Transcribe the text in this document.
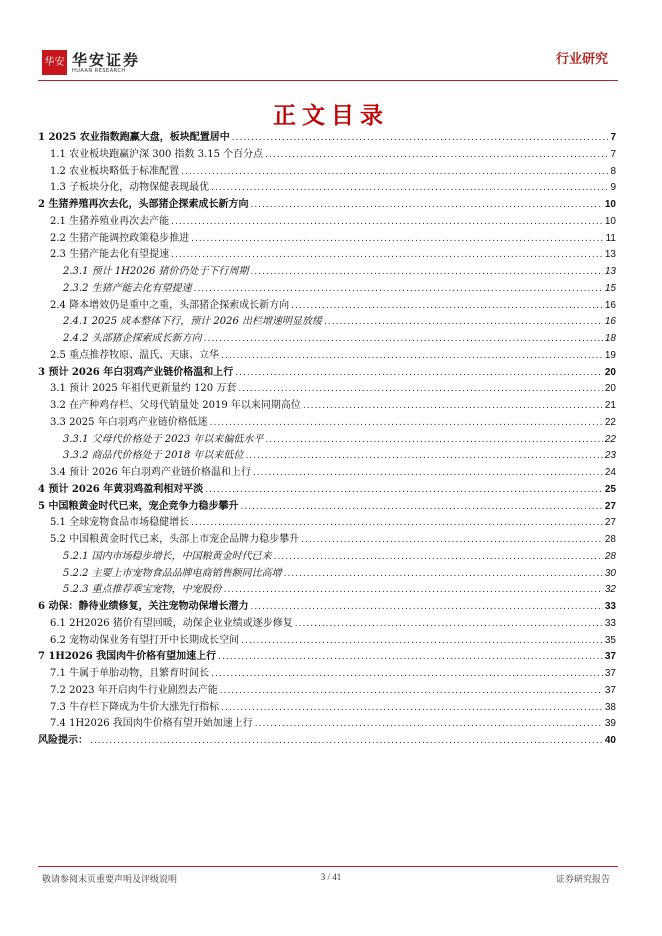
华安 华安证券
HUAAN RESEARCH
行业研究
正文目录
1 2025 农业指数跑赢大盘，板块配置居中 .....	7
1.1 农业板块跑赢沪深 300 指数 3.15 个百分点 .....	7
1.2 农业板块略低于标准配置 .....	8
1.3 子板块分化，动物保健表现最优 .....	9
2 生猪养殖再次去化，头部猪企探索成长新方向 .....	10
2.1 生猪养殖业再次去产能 .....	10
2.2 生猪产能调控政策稳步推进 .....	11
2.3 生猪产能去化有望提速 .....	13
2.3.1 预计 1H2026 猪价仍处于下行周期 .....	13
2.3.2 生猪产能去化有望提速 .....	15
2.4 降本增效仍是重中之重，头部猪企探索成长新方向 .....	16
2.4.1 2025 成本整体下行，预计 2026 出栏增速明显放缓 .....	16
2.4.2 头部猪企探索成长新方向 .....	18
2.5 重点推荐牧原、温氏、天康、立华 .....	19
3 预计 2026 年白羽鸡产业链价格温和上行 .....	20
3.1 预计 2025 年祖代更新量约 120 万套 .....	20
3.2 在产种鸡存栏、父母代销量处 2019 年以来同期高位 .....	21
3.3 2025 年白羽鸡产业链价格低迷 .....	22
3.3.1 父母代价格处于 2023 年以来偏低水平 .....	22
3.3.2 商品代价格处于 2018 年以来低位 .....	23
3.4 预计 2026 年白羽鸡产业链价格温和上行 .....	24
4 预计 2026 年黄羽鸡盈利相对平淡 .....	25
5 中国粮黄金时代已来，宠企竞争力稳步攀升 .....	27
5.1 全球宠物食品市场稳健增长 .....	27
5.2 中国粮黄金时代已来，头部上市宠企品牌力稳步攀升 .....	28
5.2.1 国内市场稳步增长，中国粮黄金时代已来 .....	28
5.2.2 主要上市宠物食品品牌电商销售额同比高增 .....	30
5.2.3 重点推荐乖宝宠物，中宠股份 .....	32
6 动保：静待业绩修复，关注宠物动保增长潜力 .....	33
6.1 2H2026 猪价有望回暖，动保企业业绩或逐步修复 .....	33
6.2 宠物动保业务有望打开中长期成长空间 .....	35
7 1H2026 我国肉牛价格有望加速上行 .....	37
7.1 牛属于单胎动物，且繁育时间长 .....	37
7.2 2023 年开启肉牛行业剧烈去产能 .....	37
7.3 牛存栏下降成为牛价大涨先行指标 .....	38
7.4 1H2026 我国肉牛价格有望开始加速上行 .....	39
风险提示： .....	40
敬请参阅末页重要声明及评级说明	3 / 41	证券研究报告
